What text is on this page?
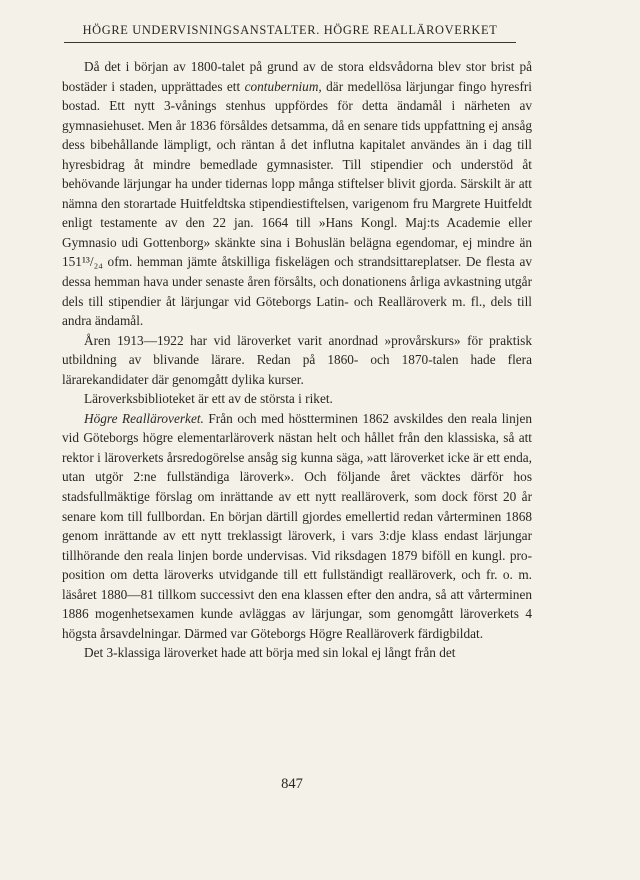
HÖGRE UNDERVISNINGSANSTALTER. HÖGRE REALLÄROVERKET

Då det i början av 1800-talet på grund av de stora eldsvådorna blev stor brist på bostäder i staden, upprättades ett contubernium, där medellösa lärjungar fingo hyresfri bostad. Ett nytt 3-vånings stenhus uppfördes för detta ändamål i närheten av gymnasiehuset. Men år 1836 försåldes detsamma, då en senare tids uppfattning ej ansåg dess bibehållande lämpligt, och räntan å det influtna kapitalet användes än i dag till hyresbidrag åt mindre bemedlade gymnasister. Till stipendier och understöd åt behövande lärjungar ha under tidernas lopp många stiftelser blivit gjorda. Särskilt är att nämna den storartade Huitfeldtska stipendiestiftelsen, varigenom fru Margrete Huitfeldt enligt testamente av den 22 jan. 1664 till »Hans Kongl. Maj:ts Academie eller Gymnasio udi Gottenborg» skänkte sina i Bohuslän belägna egendomar, ej mindre än 151¹³/₂₄ ofm. hemman jämte åtskilliga fiskelägen och strandsittareplatser. De flesta av dessa hemman hava under senaste åren försålts, och donationens årliga avkastning utgår dels till stipendier åt lärjungar vid Göteborgs Latin- och Realläroverk m. fl., dels till andra ändamål.

Åren 1913—1922 har vid läroverket varit anordnad »provårskurs» för praktisk utbildning av blivande lärare. Redan på 1860- och 1870-talen hade flera lärarekandidater där genomgått dylika kurser.

Läroverksbiblioteket är ett av de största i riket.

Högre Realläroverket. Från och med höstterminen 1862 avskildes den reala linjen vid Göteborgs högre elementarläroverk nästan helt och hållet från den klassiska, så att rektor i läroverkets årsredogörelse ansåg sig kunna säga, »att läroverket icke är ett enda, utan utgör 2:ne fullständiga läroverk». Och följande året väcktes därför hos stadsfullmäktige förslag om inrättande av ett nytt realläroverk, som dock först 20 år senare kom till fullbordan. En början därtill gjordes emellertid redan vårterminen 1868 genom inrättande av ett nytt treklassigt läroverk, i vars 3:dje klass endast lärjungar tillhörande den reala linjen borde undervisas. Vid riksdagen 1879 biföll en kungl. proposition om detta läroverks utvidgande till ett fullständigt realläroverk, och fr. o. m. läsåret 1880—81 tillkom successivt den ena klassen efter den andra, så att vårterminen 1886 mogenhetsexamen kunde avläggas av lärjungar, som genomgått läroverkets 4 högsta årsavdelningar. Därmed var Göteborgs Högre Realläroverk färdigbildat.

Det 3-klassiga läroverket hade att börja med sin lokal ej långt från det

847
